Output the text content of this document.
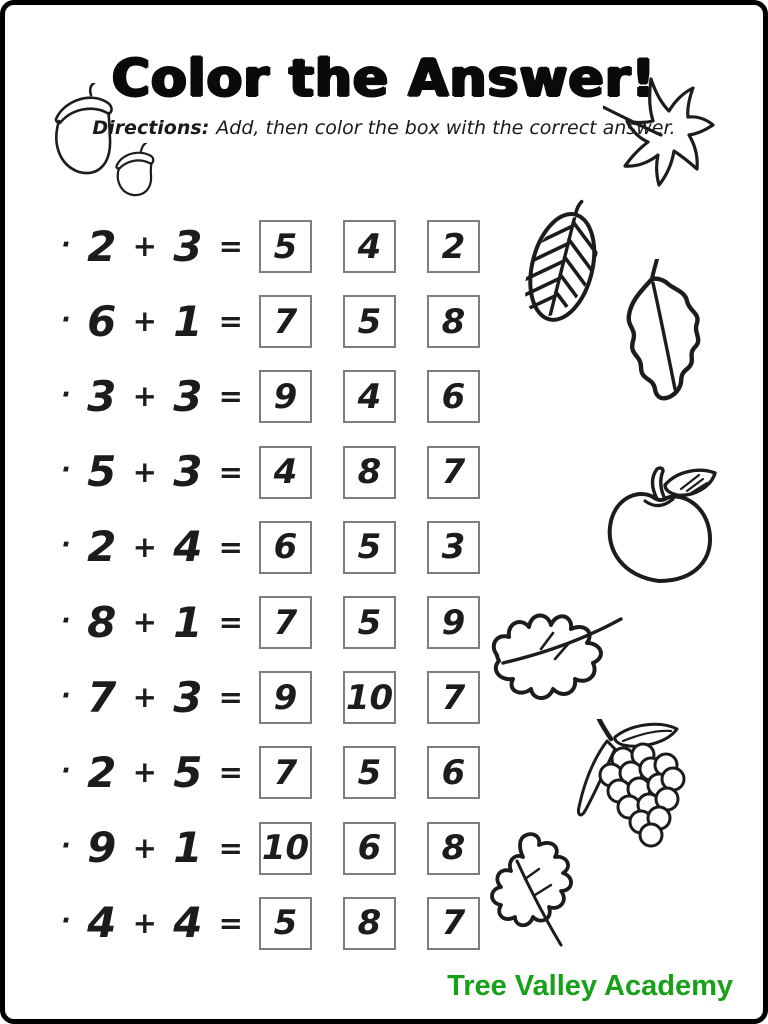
Color the Answer!
Directions: Add, then color the box with the correct answer.
· 2 + 3 = 5 4 2
· 6 + 1 = 7 5 8
· 3 + 3 = 9 4 6
· 5 + 3 = 4 8 7
· 2 + 4 = 6 5 3
· 8 + 1 = 7 5 9
· 7 + 3 = 9 10 7
· 2 + 5 = 7 5 6
· 9 + 1 = 10 6 8
· 4 + 4 = 5 8 7
Tree Valley Academy
